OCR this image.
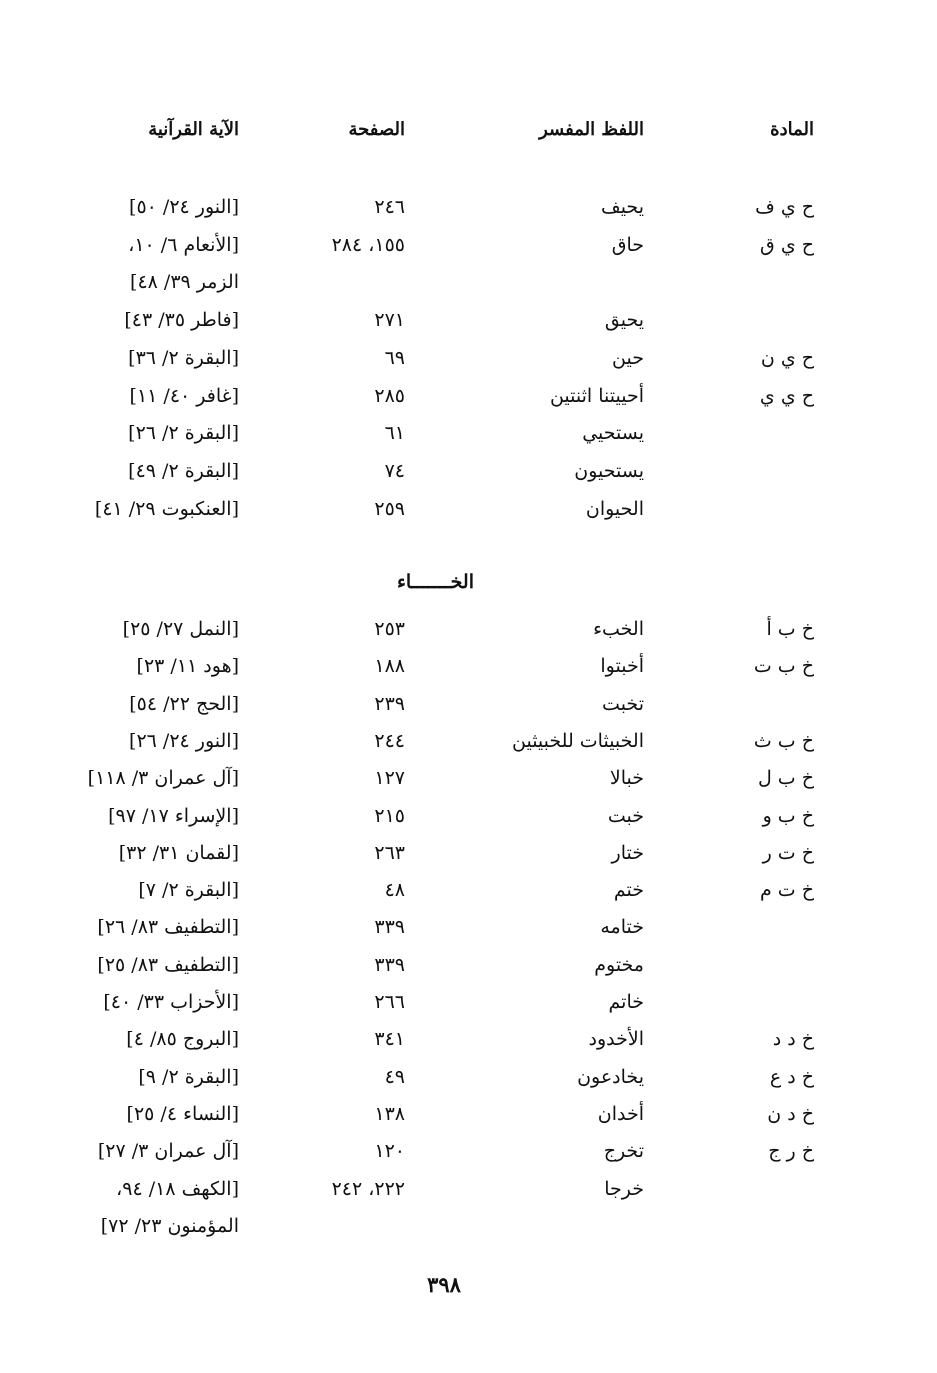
المادة
اللفظ المفسر
الصفحة
الآية القرآنية
ح ي ف
يحيف
٢٤٦
[النور ٢٤/ ٥٠]
ح ي ق
حاق
١٥٥، ٢٨٤
[الأنعام ٦/ ١٠،
الزمر ٣٩/ ٤٨]
يحيق
٢٧١
[فاطر ٣٥/ ٤٣]
ح ي ن
حين
٦٩
[البقرة ٢/ ٣٦]
ح ي ي
أحييتنا اثنتين
٢٨٥
[غافر ٤٠/ ١١]
يستحيي
٦١
[البقرة ٢/ ٢٦]
يستحيون
٧٤
[البقرة ٢/ ٤٩]
الحيوان
٢٥٩
[العنكبوت ٢٩/ ٤١]
الخـــــــاء
خ ب أ
الخبء
٢٥٣
[النمل ٢٧/ ٢٥]
خ ب ت
أخبتوا
١٨٨
[هود ١١/ ٢٣]
تخبت
٢٣٩
[الحج ٢٢/ ٥٤]
خ ب ث
الخبيثات للخبيثين
٢٤٤
[النور ٢٤/ ٢٦]
خ ب ل
خبالا
١٢٧
[آل عمران ٣/ ١١٨]
خ ب و
خبت
٢١٥
[الإسراء ١٧/ ٩٧]
خ ت ر
ختار
٢٦٣
[لقمان ٣١/ ٣٢]
خ ت م
ختم
٤٨
[البقرة ٢/ ٧]
ختامه
٣٣٩
[التطفيف ٨٣/ ٢٦]
مختوم
٣٣٩
[التطفيف ٨٣/ ٢٥]
خاتم
٢٦٦
[الأحزاب ٣٣/ ٤٠]
خ د د
الأخدود
٣٤١
[البروج ٨٥/ ٤]
خ د ع
يخادعون
٤٩
[البقرة ٢/ ٩]
خ د ن
أخدان
١٣٨
[النساء ٤/ ٢٥]
خ ر ج
تخرج
١٢٠
[آل عمران ٣/ ٢٧]
خرجا
٢٢٢، ٢٤٢
[الكهف ١٨/ ٩٤،
المؤمنون ٢٣/ ٧٢]
٣٩٨
